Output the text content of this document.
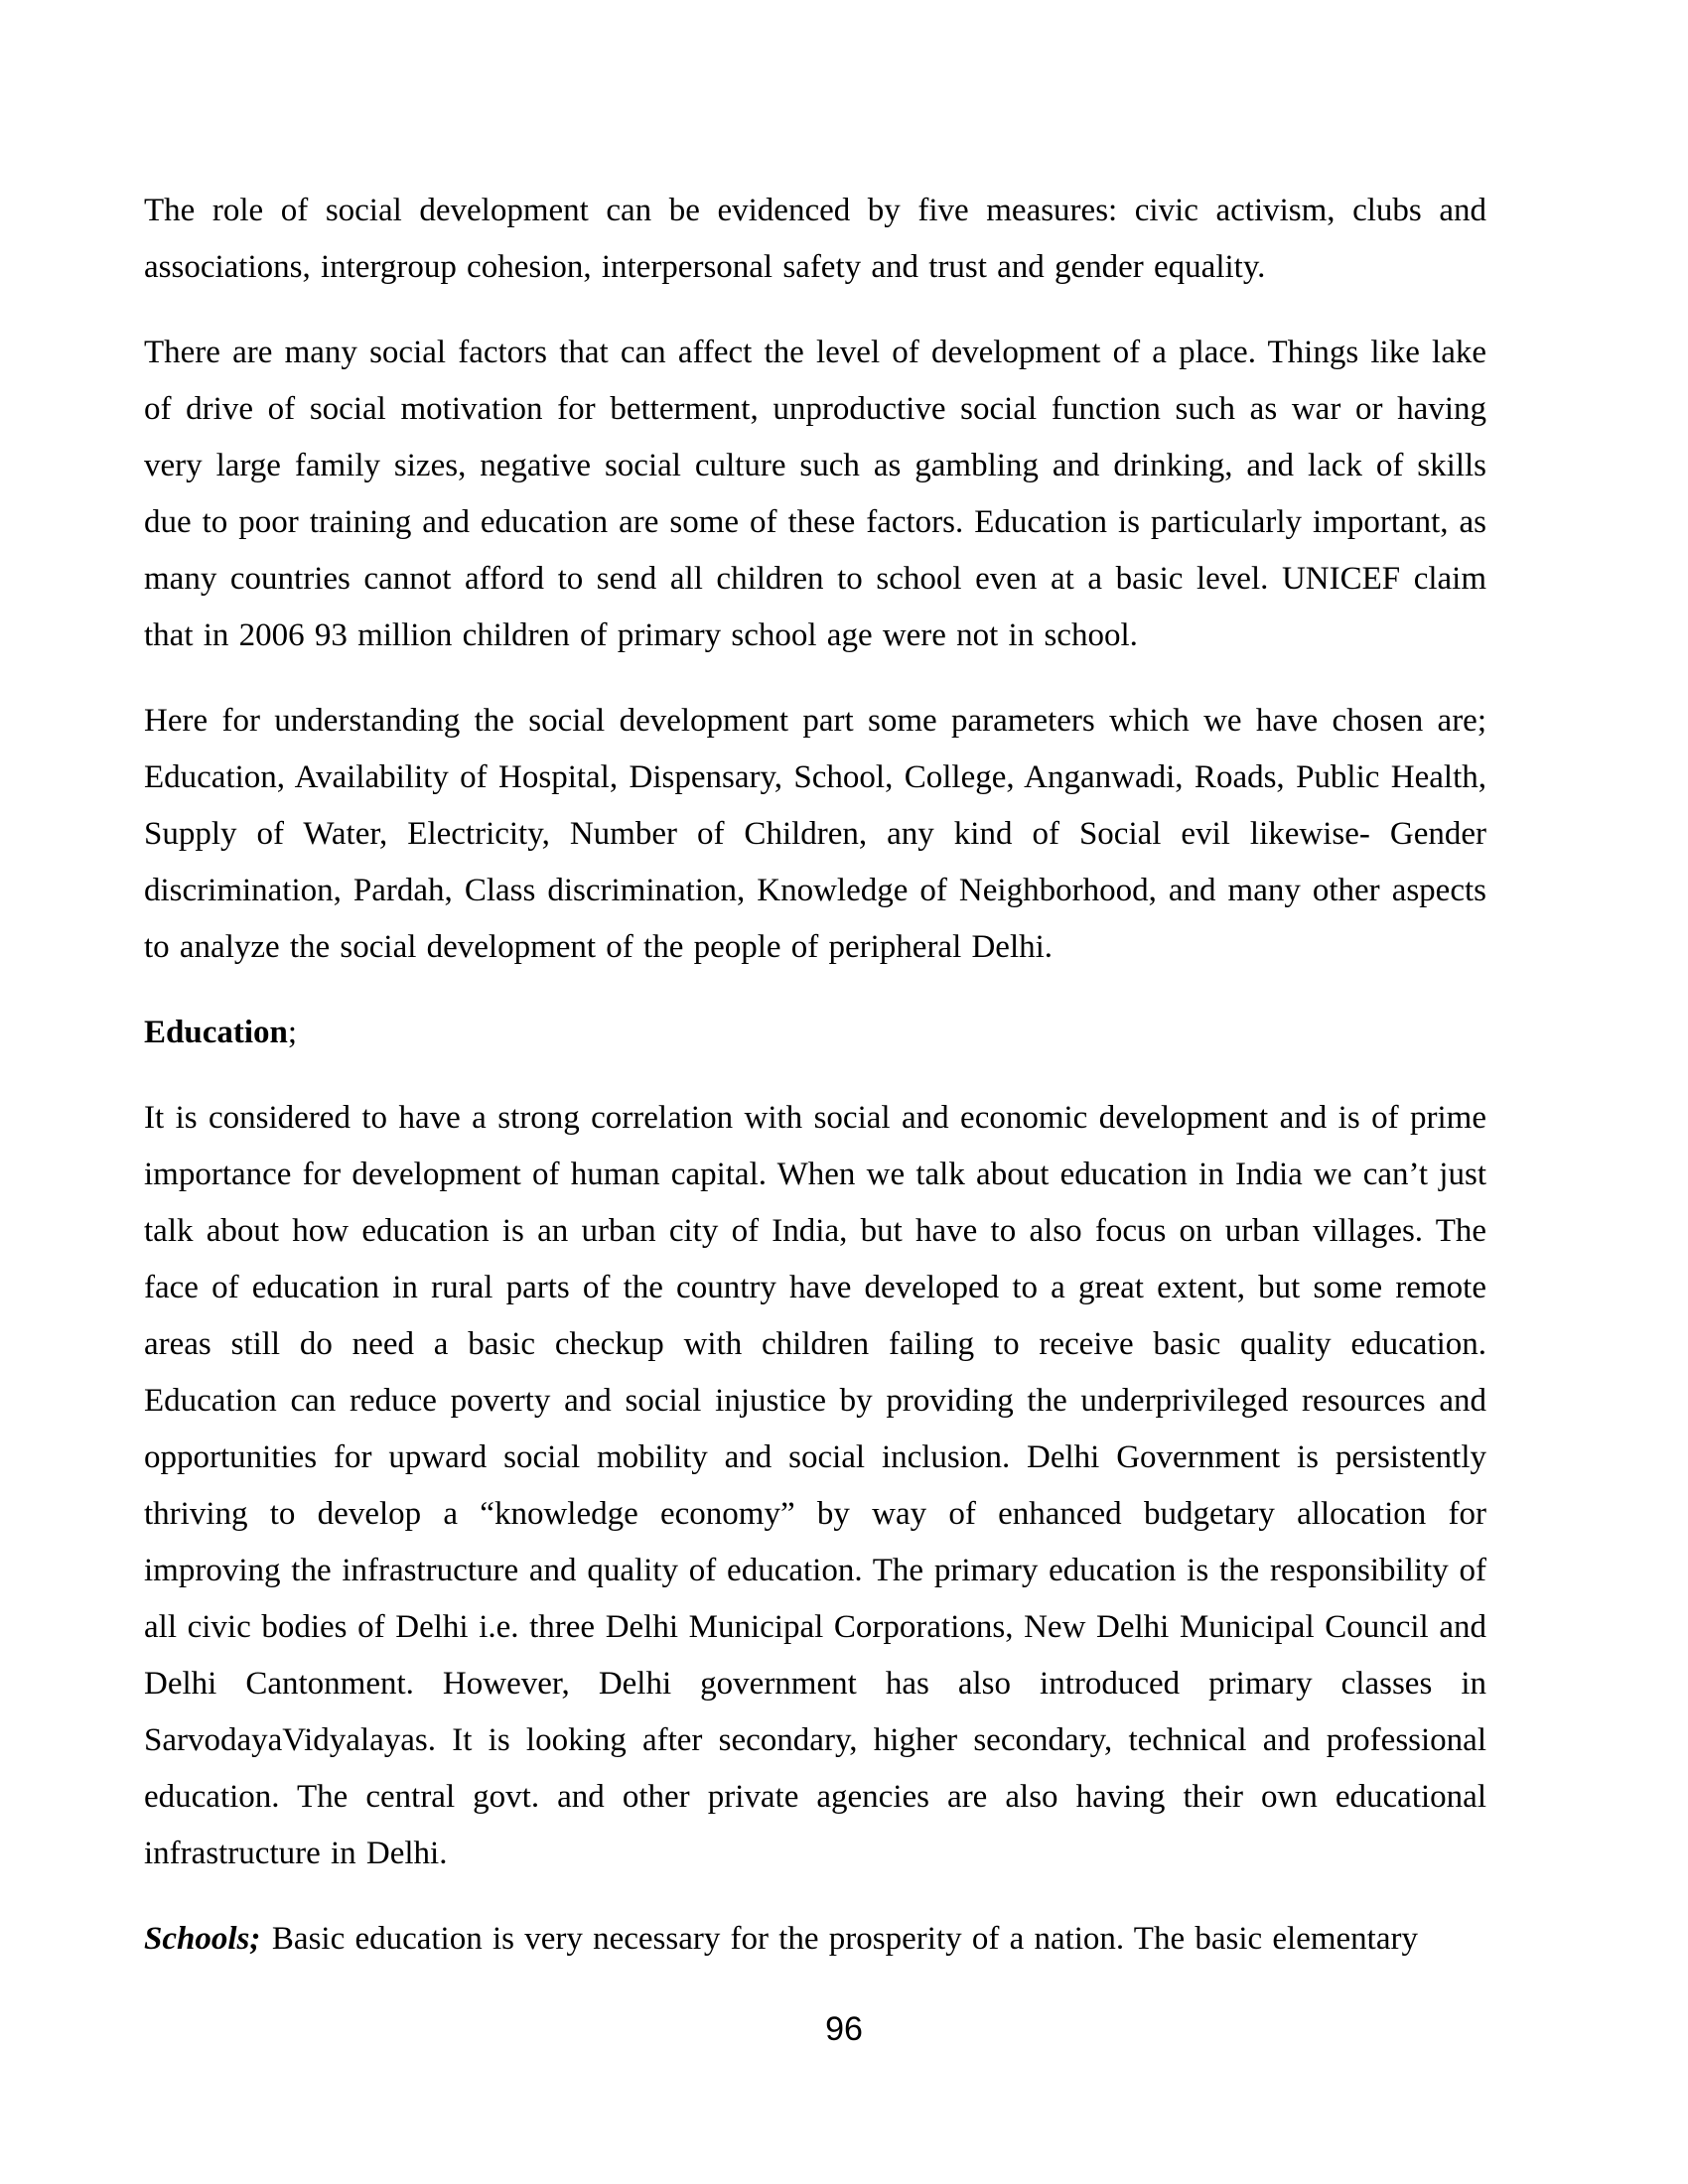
The role of social development can be evidenced by five measures: civic activism, clubs and associations, intergroup cohesion, interpersonal safety and trust and gender equality.

There are many social factors that can affect the level of development of a place. Things like lake of drive of social motivation for betterment, unproductive social function such as war or having very large family sizes, negative social culture such as gambling and drinking, and lack of skills due to poor training and education are some of these factors. Education is particularly important, as many countries cannot afford to send all children to school even at a basic level. UNICEF claim that in 2006 93 million children of primary school age were not in school.

Here for understanding the social development part some parameters which we have chosen are; Education, Availability of Hospital, Dispensary, School, College, Anganwadi, Roads, Public Health, Supply of Water, Electricity, Number of Children, any kind of Social evil likewise- Gender discrimination, Pardah, Class discrimination, Knowledge of Neighborhood, and many other aspects to analyze the social development of the people of peripheral Delhi.

Education;

It is considered to have a strong correlation with social and economic development and is of prime importance for development of human capital. When we talk about education in India we can’t just talk about how education is an urban city of India, but have to also focus on urban villages. The face of education in rural parts of the country have developed to a great extent, but some remote areas still do need a basic checkup with children failing to receive basic quality education. Education can reduce poverty and social injustice by providing the underprivileged resources and opportunities for upward social mobility and social inclusion. Delhi Government is persistently thriving to develop a “knowledge economy” by way of enhanced budgetary allocation for improving the infrastructure and quality of education. The primary education is the responsibility of all civic bodies of Delhi i.e. three Delhi Municipal Corporations, New Delhi Municipal Council and Delhi Cantonment. However, Delhi government has also introduced primary classes in SarvodayaVidyalayas. It is looking after secondary, higher secondary, technical and professional education. The central govt. and other private agencies are also having their own educational infrastructure in Delhi.

Schools; Basic education is very necessary for the prosperity of a nation. The basic elementary

96
